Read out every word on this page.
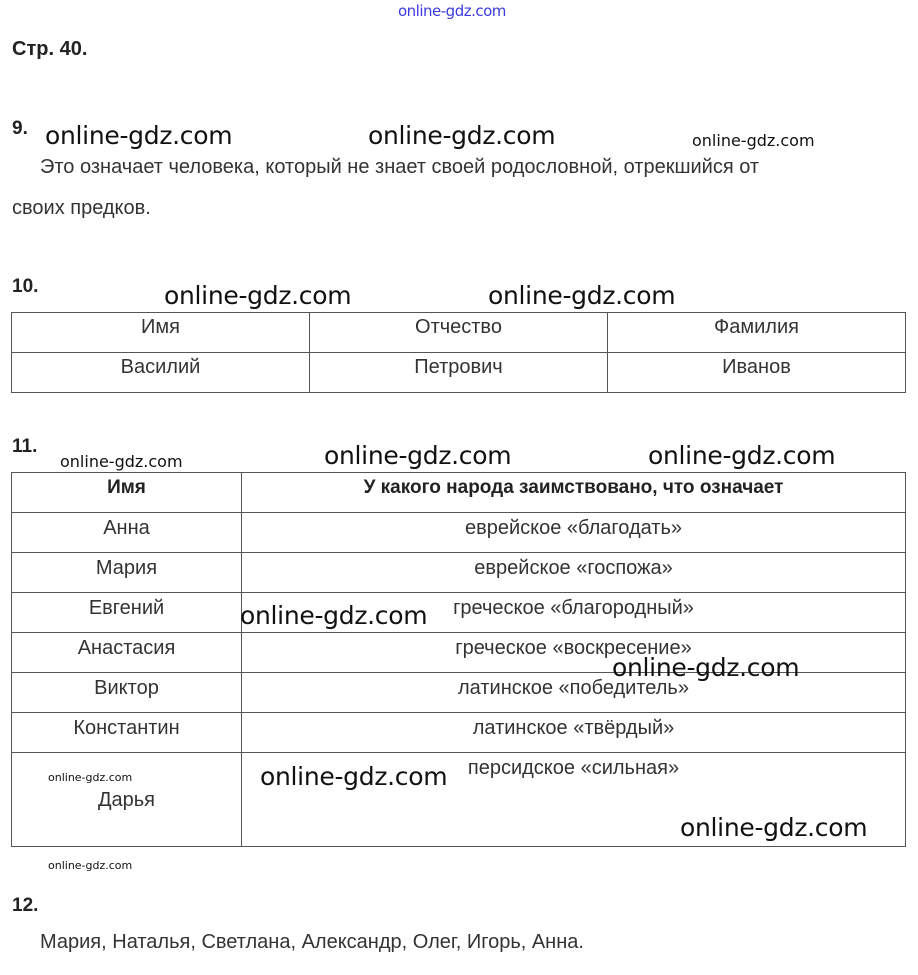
online-gdz.com
Стр. 40.
9.
Это означает человека, который не знает своей родословной, отрекшийся от
своих предков.
10.
Имя	Отчество	Фамилия
Василий	Петрович	Иванов
11.
Имя	У какого народа заимствовано, что означает
Анна	еврейское «благодать»
Мария	еврейское «госпожа»
Евгений	греческое «благородный»
Анастасия	греческое «воскресение»
Виктор	латинское «победитель»
Константин	латинское «твёрдый»
Дарья	персидское «сильная»
12.
Мария, Наталья, Светлана, Александр, Олег, Игорь, Анна.
online-gdz.com	online-gdz.com	online-gdz.com
online-gdz.com	online-gdz.com
online-gdz.com	online-gdz.com	online-gdz.com
online-gdz.com
online-gdz.com
online-gdz.com	online-gdz.com
online-gdz.com
online-gdz.com
